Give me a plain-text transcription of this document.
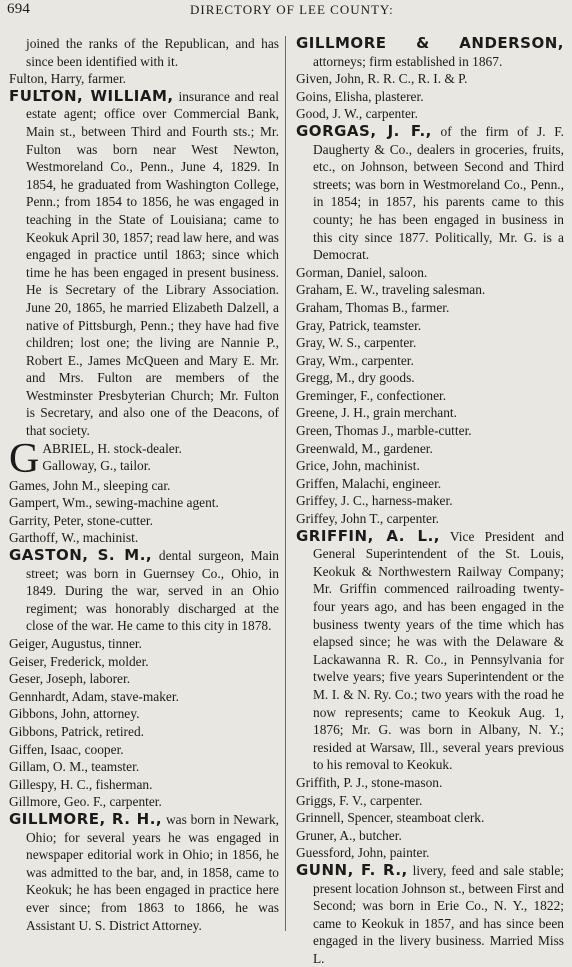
694	DIRECTORY OF LEE COUNTY:

joined the ranks of the Republican, and has since been identified with it.

Fulton, Harry, farmer.

FULTON, WILLIAM, insurance and real estate agent; office over Commercial Bank, Main st., between Third and Fourth sts.; Mr. Fulton was born near West Newton, Westmoreland Co., Penn., June 4, 1829. In 1854, he graduated from Washington College, Penn.; from 1854 to 1856, he was engaged in teaching in the State of Louisiana; came to Keokuk April 30, 1857; read law here, and was engaged in practice until 1863; since which time he has been engaged in present business. He is Secretary of the Library Association. June 20, 1865, he married Elizabeth Dalzell, a native of Pittsburgh, Penn.; they have had five children; lost one; the living are Nannie P., Robert E., James McQueen and Mary E. Mr. and Mrs. Fulton are members of the Westminster Presbyterian Church; Mr. Fulton is Secretary, and also one of the Deacons, of that society.

G ABRIEL, H. stock-dealer.
Galloway, G., tailor.

Games, John M., sleeping car.

Gampert, Wm., sewing-machine agent.

Garrity, Peter, stone-cutter.

Garthoff, W., machinist.

GASTON, S. M., dental surgeon, Main street; was born in Guernsey Co., Ohio, in 1849. During the war, served in an Ohio regiment; was honorably discharged at the close of the war. He came to this city in 1878.

Geiger, Augustus, tinner.

Geiser, Frederick, molder.

Geser, Joseph, laborer.

Gennhardt, Adam, stave-maker.

Gibbons, John, attorney.

Gibbons, Patrick, retired.

Giffen, Isaac, cooper.

Gillam, O. M., teamster.

Gillespy, H. C., fisherman.

Gillmore, Geo. F., carpenter.

GILLMORE, R. H., was born in Newark, Ohio; for several years he was engaged in newspaper editorial work in Ohio; in 1856, he was admitted to the bar, and, in 1858, came to Keokuk; he has been engaged in practice here ever since; from 1863 to 1866, he was Assistant U. S. District Attorney.

GILLMORE & ANDERSON, attorneys; firm established in 1867.

Given, John, R. R. C., R. I. & P.

Goins, Elisha, plasterer.

Good, J. W., carpenter.

GORGAS, J. F., of the firm of J. F. Daugherty & Co., dealers in groceries, fruits, etc., on Johnson, between Second and Third streets; was born in Westmoreland Co., Penn., in 1854; in 1857, his parents came to this county; he has been engaged in business in this city since 1877. Politically, Mr. G. is a Democrat.

Gorman, Daniel, saloon.

Graham, E. W., traveling salesman.

Graham, Thomas B., farmer.

Gray, Patrick, teamster.

Gray, W. S., carpenter.

Gray, Wm., carpenter.

Gregg, M., dry goods.

Greminger, F., confectioner.

Greene, J. H., grain merchant.

Green, Thomas J., marble-cutter.

Greenwald, M., gardener.

Grice, John, machinist.

Griffen, Malachi, engineer.

Griffey, J. C., harness-maker.

Griffey, John T., carpenter.

GRIFFIN, A. L., Vice President and General Superintendent of the St. Louis, Keokuk & Northwestern Railway Company; Mr. Griffin commenced railroading twenty-four years ago, and has been engaged in the business twenty years of the time which has elapsed since; he was with the Delaware & Lackawanna R. R. Co., in Pennsylvania for twelve years; five years Superintendent or the M. I. & N. Ry. Co.; two years with the road he now represents; came to Keokuk Aug. 1, 1876; Mr. G. was born in Albany, N. Y.; resided at Warsaw, Ill., several years previous to his removal to Keokuk.

Griffith, P. J., stone-mason.

Griggs, F. V., carpenter.

Grinnell, Spencer, steamboat clerk.

Gruner, A., butcher.

Guessford, John, painter.

GUNN, F. R., livery, feed and sale stable; present location Johnson st., between First and Second; was born in Erie Co., N. Y., 1822; came to Keokuk in 1857, and has since been engaged in the livery business. Married Miss L.
